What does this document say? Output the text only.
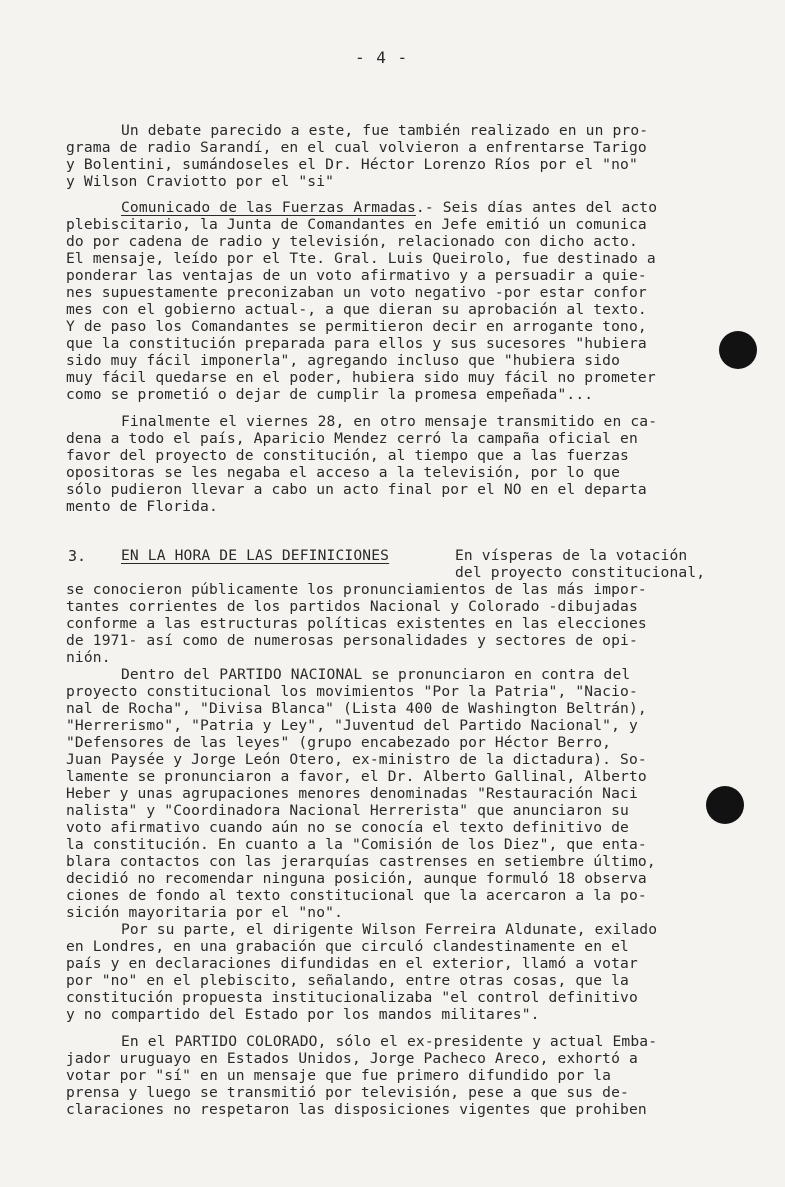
- 4 -
Un debate parecido a este, fue también realizado en un pro-
grama de radio Sarandí, en el cual volvieron a enfrentarse Tarigo
y Bolentini, sumándoseles el Dr. Héctor Lorenzo Ríos por el "no"
y Wilson Craviotto por el "si"
Comunicado de las Fuerzas Armadas.- Seis días antes del acto
plebiscitario, la Junta de Comandantes en Jefe emitió un comunica
do por cadena de radio y televisión, relacionado con dicho acto.
El mensaje, leído por el Tte. Gral. Luis Queirolo, fue destinado a
ponderar las ventajas de un voto afirmativo y a persuadir a quie-
nes supuestamente preconizaban un voto negativo -por estar confor
mes con el gobierno actual-, a que dieran su aprobación al texto.
Y de paso los Comandantes se permitieron decir en arrogante tono,
que la constitución preparada para ellos y sus sucesores "hubiera
sido muy fácil imponerla", agregando incluso que "hubiera sido
muy fácil quedarse en el poder, hubiera sido muy fácil no prometer
como se prometió o dejar de cumplir la promesa empeñada"...
Finalmente el viernes 28, en otro mensaje transmitido en ca-
dena a todo el país, Aparicio Mendez cerró la campaña oficial en
favor del proyecto de constitución, al tiempo que a las fuerzas
opositoras se les negaba el acceso a la televisión, por lo que
sólo pudieron llevar a cabo un acto final por el NO en el departa
mento de Florida.
3. EN LA HORA DE LAS DEFINICIONES	En vísperas de la votación
del proyecto constitucional,
se conocieron públicamente los pronunciamientos de las más impor-
tantes corrientes de los partidos Nacional y Colorado -dibujadas
conforme a las estructuras políticas existentes en las elecciones
de 1971- así como de numerosas personalidades y sectores de opi-
nión.
Dentro del PARTIDO NACIONAL se pronunciaron en contra del
proyecto constitucional los movimientos "Por la Patria", "Nacio-
nal de Rocha", "Divisa Blanca" (Lista 400 de Washington Beltrán),
"Herrerismo", "Patria y Ley", "Juventud del Partido Nacional", y
"Defensores de las leyes" (grupo encabezado por Héctor Berro,
Juan Paysée y Jorge León Otero, ex-ministro de la dictadura). So-
lamente se pronunciaron a favor, el Dr. Alberto Gallinal, Alberto
Heber y unas agrupaciones menores denominadas "Restauración Naci
nalista" y "Coordinadora Nacional Herrerista" que anunciaron su
voto afirmativo cuando aún no se conocía el texto definitivo de
la constitución. En cuanto a la "Comisión de los Diez", que enta-
blara contactos con las jerarquías castrenses en setiembre último,
decidió no recomendar ninguna posición, aunque formuló 18 observa
ciones de fondo al texto constitucional que la acercaron a la po-
sición mayoritaria por el "no".
Por su parte, el dirigente Wilson Ferreira Aldunate, exilado
en Londres, en una grabación que circuló clandestinamente en el
país y en declaraciones difundidas en el exterior, llamó a votar
por "no" en el plebiscito, señalando, entre otras cosas, que la
constitución propuesta institucionalizaba "el control definitivo
y no compartido del Estado por los mandos militares".
En el PARTIDO COLORADO, sólo el ex-presidente y actual Emba-
jador uruguayo en Estados Unidos, Jorge Pacheco Areco, exhortó a
votar por "sí" en un mensaje que fue primero difundido por la
prensa y luego se transmitió por televisión, pese a que sus de-
claraciones no respetaron las disposiciones vigentes que prohiben
